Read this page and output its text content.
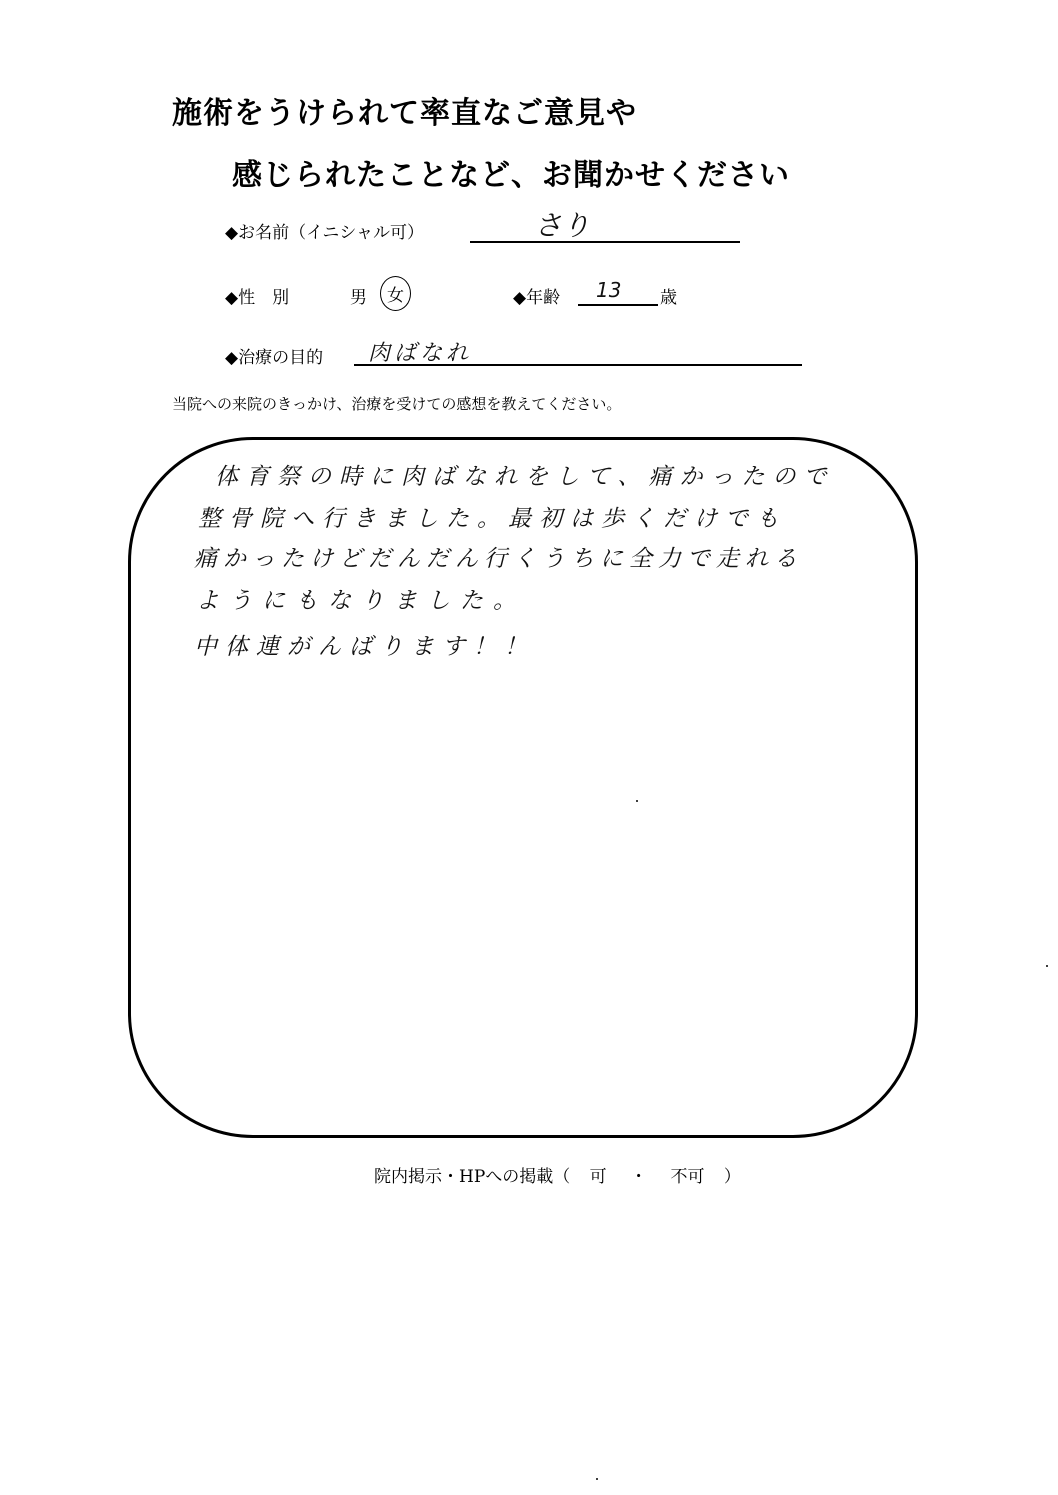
施術をうけられて率直なご意見や
感じられたことなど、お聞かせください
◆お名前（イニシャル可）	さり
◆性　別	男	女	◆年齢 13 歳
◆治療の目的 肉ばなれ
当院への来院のきっかけ、治療を受けての感想を教えてください。
体育祭の時に肉ばなれをして、痛かったので
整骨院へ行きました。最初は歩くだけでも
痛かったけどだんだん行くうちに全力で走れる
ようにもなりました。
中体連がんばります！！
院内掲示・HPへの掲載（ 可 ・ 不可 ）
